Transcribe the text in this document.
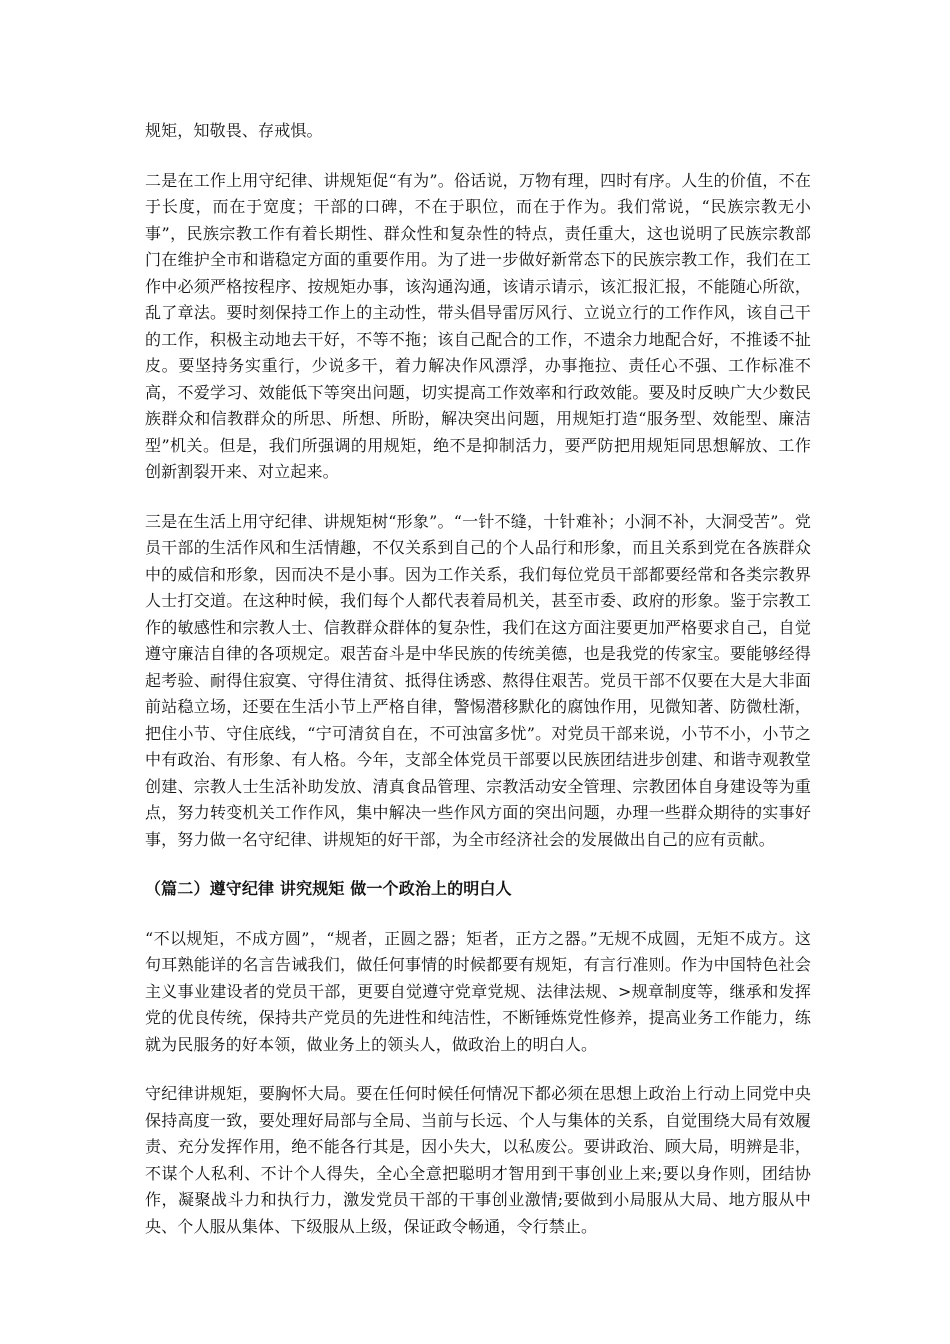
规矩，知敬畏、存戒惧。

二是在工作上用守纪律、讲规矩促“有为”。俗话说，万物有理，四时有序。人生的价值，不在于长度，而在于宽度；干部的口碑，不在于职位，而在于作为。我们常说，“民族宗教无小事”，民族宗教工作有着长期性、群众性和复杂性的特点，责任重大，这也说明了民族宗教部门在维护全市和谐稳定方面的重要作用。为了进一步做好新常态下的民族宗教工作，我们在工作中必须严格按程序、按规矩办事，该沟通沟通，该请示请示，该汇报汇报，不能随心所欲，乱了章法。要时刻保持工作上的主动性，带头倡导雷厉风行、立说立行的工作作风，该自己干的工作，积极主动地去干好，不等不拖；该自己配合的工作，不遗余力地配合好，不推诿不扯皮。要坚持务实重行，少说多干，着力解决作风漂浮，办事拖拉、责任心不强、工作标准不高，不爱学习、效能低下等突出问题，切实提高工作效率和行政效能。要及时反映广大少数民族群众和信教群众的所思、所想、所盼，解决突出问题，用规矩打造“服务型、效能型、廉洁型”机关。但是，我们所强调的用规矩，绝不是抑制活力，要严防把用规矩同思想解放、工作创新割裂开来、对立起来。

三是在生活上用守纪律、讲规矩树“形象”。“一针不缝，十针难补；小洞不补，大洞受苦”。党员干部的生活作风和生活情趣，不仅关系到自己的个人品行和形象，而且关系到党在各族群众中的威信和形象，因而决不是小事。因为工作关系，我们每位党员干部都要经常和各类宗教界人士打交道。在这种时候，我们每个人都代表着局机关，甚至市委、政府的形象。鉴于宗教工作的敏感性和宗教人士、信教群众群体的复杂性，我们在这方面注要更加严格要求自己，自觉遵守廉洁自律的各项规定。艰苦奋斗是中华民族的传统美德，也是我党的传家宝。要能够经得起考验、耐得住寂寞、守得住清贫、抵得住诱惑、熬得住艰苦。党员干部不仅要在大是大非面前站稳立场，还要在生活小节上严格自律，警惕潜移默化的腐蚀作用，见微知著、防微杜渐，把住小节、守住底线，“宁可清贫自在，不可浊富多忧”。对党员干部来说，小节不小，小节之中有政治、有形象、有人格。今年，支部全体党员干部要以民族团结进步创建、和谐寺观教堂创建、宗教人士生活补助发放、清真食品管理、宗教活动安全管理、宗教团体自身建设等为重点，努力转变机关工作作风，集中解决一些作风方面的突出问题，办理一些群众期待的实事好事，努力做一名守纪律、讲规矩的好干部，为全市经济社会的发展做出自己的应有贡献。

（篇二）遵守纪律 讲究规矩 做一个政治上的明白人

“不以规矩，不成方圆”，“规者，正圆之器；矩者，正方之器。”无规不成圆，无矩不成方。这句耳熟能详的名言告诫我们，做任何事情的时候都要有规矩，有言行准则。作为中国特色社会主义事业建设者的党员干部，更要自觉遵守党章党规、法律法规、>规章制度等，继承和发挥党的优良传统，保持共产党员的先进性和纯洁性，不断锤炼党性修养，提高业务工作能力，练就为民服务的好本领，做业务上的领头人，做政治上的明白人。

守纪律讲规矩，要胸怀大局。要在任何时候任何情况下都必须在思想上政治上行动上同党中央保持高度一致，要处理好局部与全局、当前与长远、个人与集体的关系，自觉围绕大局有效履责、充分发挥作用，绝不能各行其是，因小失大，以私废公。要讲政治、顾大局，明辨是非，不谋个人私利、不计个人得失，全心全意把聪明才智用到干事创业上来;要以身作则，团结协作，凝聚战斗力和执行力，激发党员干部的干事创业激情;要做到小局服从大局、地方服从中央、个人服从集体、下级服从上级，保证政令畅通，令行禁止。
